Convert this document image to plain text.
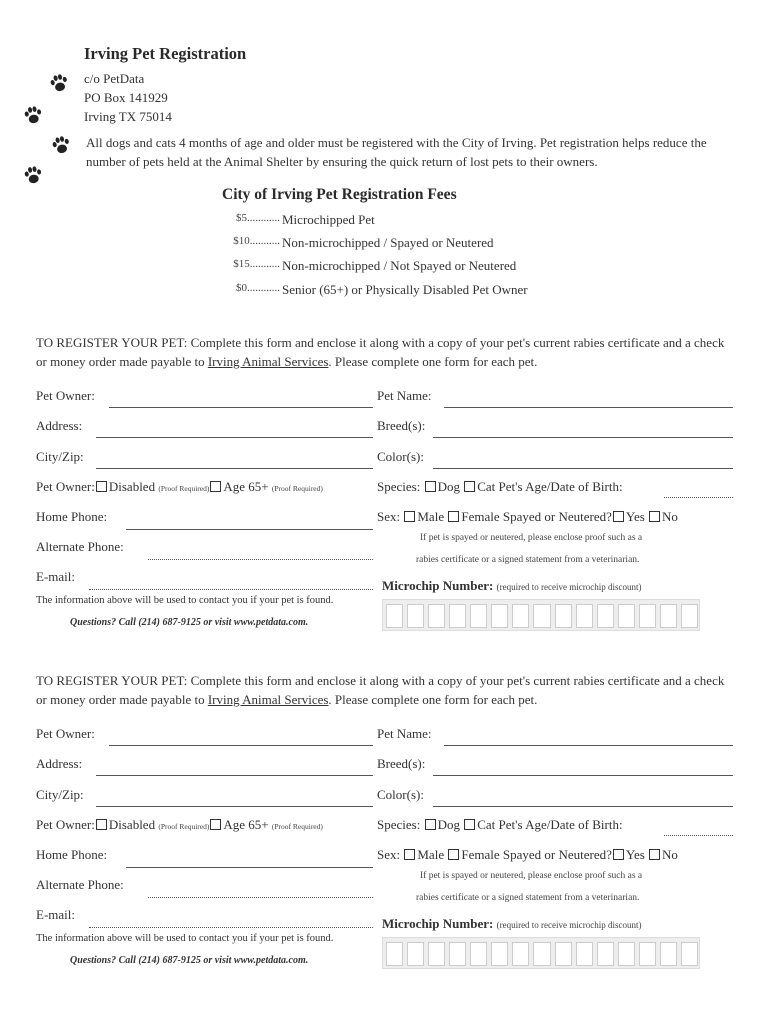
Irving Pet Registration
c/o PetData
PO Box 141929
Irving TX 75014
All dogs and cats 4 months of age and older must be registered with the City of Irving. Pet registration helps reduce the number of pets held at the Animal Shelter by ensuring the quick return of lost pets to their owners.
City of Irving Pet Registration Fees
$5............ Microchipped Pet
$10........... Non-microchipped / Spayed or Neutered
$15........... Non-microchipped / Not Spayed or Neutered
$0............ Senior (65+) or Physically Disabled Pet Owner
TO REGISTER YOUR PET: Complete this form and enclose it along with a copy of your pet's current rabies certificate and a check or money order made payable to Irving Animal Services. Please complete one form for each pet.
Pet Owner:
Address:
City/Zip:
Pet Owner: Disabled (Proof Required) Age 65+ (Proof Required)
Home Phone:
Alternate Phone:
E-mail:
The information above will be used to contact you if your pet is found.
Questions? Call (214) 687-9125 or visit www.petdata.com.
Pet Name:
Breed(s):
Color(s):
Species: Dog Cat Pet's Age/Date of Birth:
Sex: Male Female Spayed or Neutered? Yes No
If pet is spayed or neutered, please enclose proof such as a
rabies certificate or a signed statement from a veterinarian.
Microchip Number: (required to receive microchip discount)
TO REGISTER YOUR PET: Complete this form and enclose it along with a copy of your pet's current rabies certificate and a check or money order made payable to Irving Animal Services. Please complete one form for each pet.
Pet Owner:
Address:
City/Zip:
Pet Owner: Disabled (Proof Required) Age 65+ (Proof Required)
Home Phone:
Alternate Phone:
E-mail:
The information above will be used to contact you if your pet is found.
Questions? Call (214) 687-9125 or visit www.petdata.com.
Pet Name:
Breed(s):
Color(s):
Species: Dog Cat Pet's Age/Date of Birth:
Sex: Male Female Spayed or Neutered? Yes No
If pet is spayed or neutered, please enclose proof such as a
rabies certificate or a signed statement from a veterinarian.
Microchip Number: (required to receive microchip discount)
